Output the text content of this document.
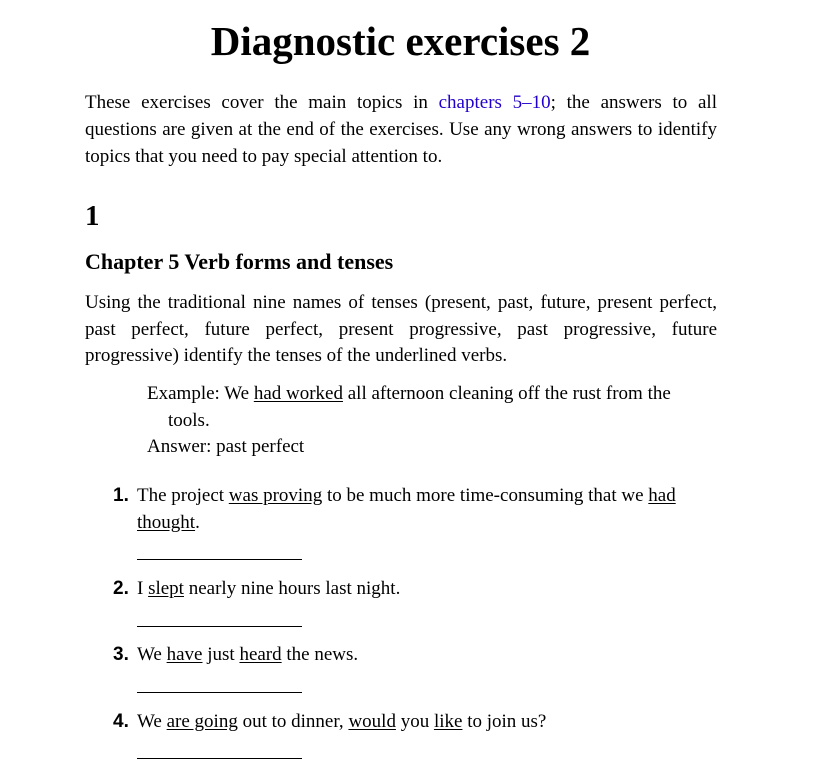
Diagnostic exercises 2

These exercises cover the main topics in chapters 5–10; the answers to all questions are given at the end of the exercises. Use any wrong answers to identify topics that you need to pay special attention to.

1
Chapter 5 Verb forms and tenses

Using the traditional nine names of tenses (present, past, future, present perfect, past perfect, future perfect, present progressive, past progressive, future progressive) identify the tenses of the underlined verbs.

Example: We had worked all afternoon cleaning off the rust from the tools.
Answer: past perfect
1. The project was proving to be much more time-consuming that we had thought.
2. I slept nearly nine hours last night.
3. We have just heard the news.
4. We are going out to dinner, would you like to join us?
